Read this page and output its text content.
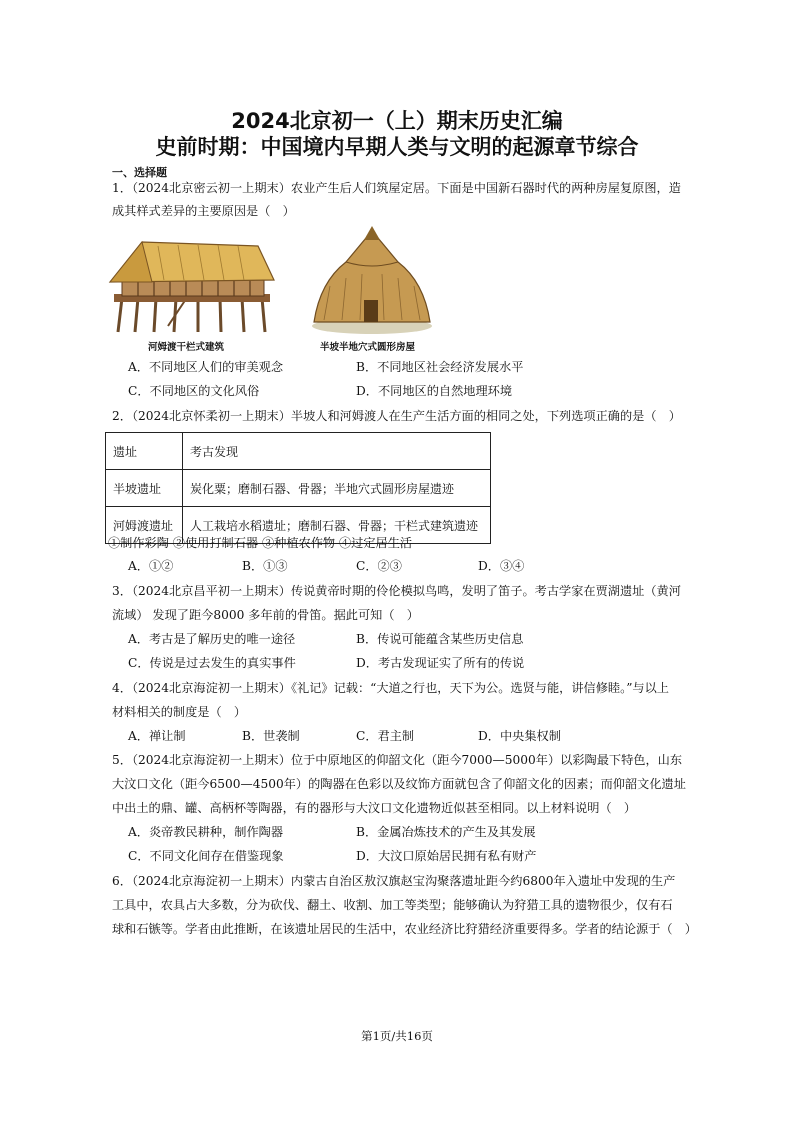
2024北京初一（上）期末历史汇编
史前时期：中国境内早期人类与文明的起源章节综合
一、选择题
1．（2024北京密云初一上期末）农业产生后人们筑屋定居。下面是中国新石器时代的两种房屋复原图，造
成其样式差异的主要原因是（　）
河姆渡干栏式建筑	半坡半地穴式圆形房屋
A．不同地区人们的审美观念	B．不同地区社会经济发展水平
C．不同地区的文化风俗	D．不同地区的自然地理环境
2．（2024北京怀柔初一上期末）半坡人和河姆渡人在生产生活方面的相同之处，下列选项正确的是（　）
遗址	考古发现
半坡遗址	炭化粟；磨制石器、骨器；半地穴式圆形房屋遗迹
河姆渡遗址	人工栽培水稻遗址；磨制石器、骨器；干栏式建筑遗迹
①制作彩陶 ②使用打制石器 ③种植农作物 ④过定居生活
A．①②	B．①③	C．②③	D．③④
3．（2024北京昌平初一上期末）传说黄帝时期的伶伦模拟鸟鸣，发明了笛子。考古学家在贾湖遗址（黄河
流域） 发现了距今8000 多年前的骨笛。据此可知（　）
A．考古是了解历史的唯一途径	B．传说可能蕴含某些历史信息
C．传说是过去发生的真实事件	D．考古发现证实了所有的传说
4．（2024北京海淀初一上期末）《礼记》记载：“大道之行也，天下为公。选贤与能，讲信修睦。”与以上
材料相关的制度是（　）
A．禅让制	B．世袭制	C．君主制	D．中央集权制
5．（2024北京海淀初一上期末）位于中原地区的仰韶文化（距今7000—5000年）以彩陶最下特色，山东
大汶口文化（距今6500—4500年）的陶器在色彩以及纹饰方面就包含了仰韶文化的因素；而仰韶文化遗址
中出土的鼎、罐、高柄杯等陶器，有的器形与大汶口文化遗物近似甚至相同。以上材料说明（　）
A．炎帝教民耕种，制作陶器	B．金属冶炼技术的产生及其发展
C．不同文化间存在借鉴现象	D．大汶口原始居民拥有私有财产
6．（2024北京海淀初一上期末）内蒙古自治区敖汉旗赵宝沟聚落遗址距今约6800年入遗址中发现的生产
工具中，农具占大多数，分为砍伐、翻土、收割、加工等类型；能够确认为狩猎工具的遗物很少，仅有石
球和石镞等。学者由此推断，在该遗址居民的生活中，农业经济比狩猎经济重要得多。学者的结论源于（　）
第1页/共16页
